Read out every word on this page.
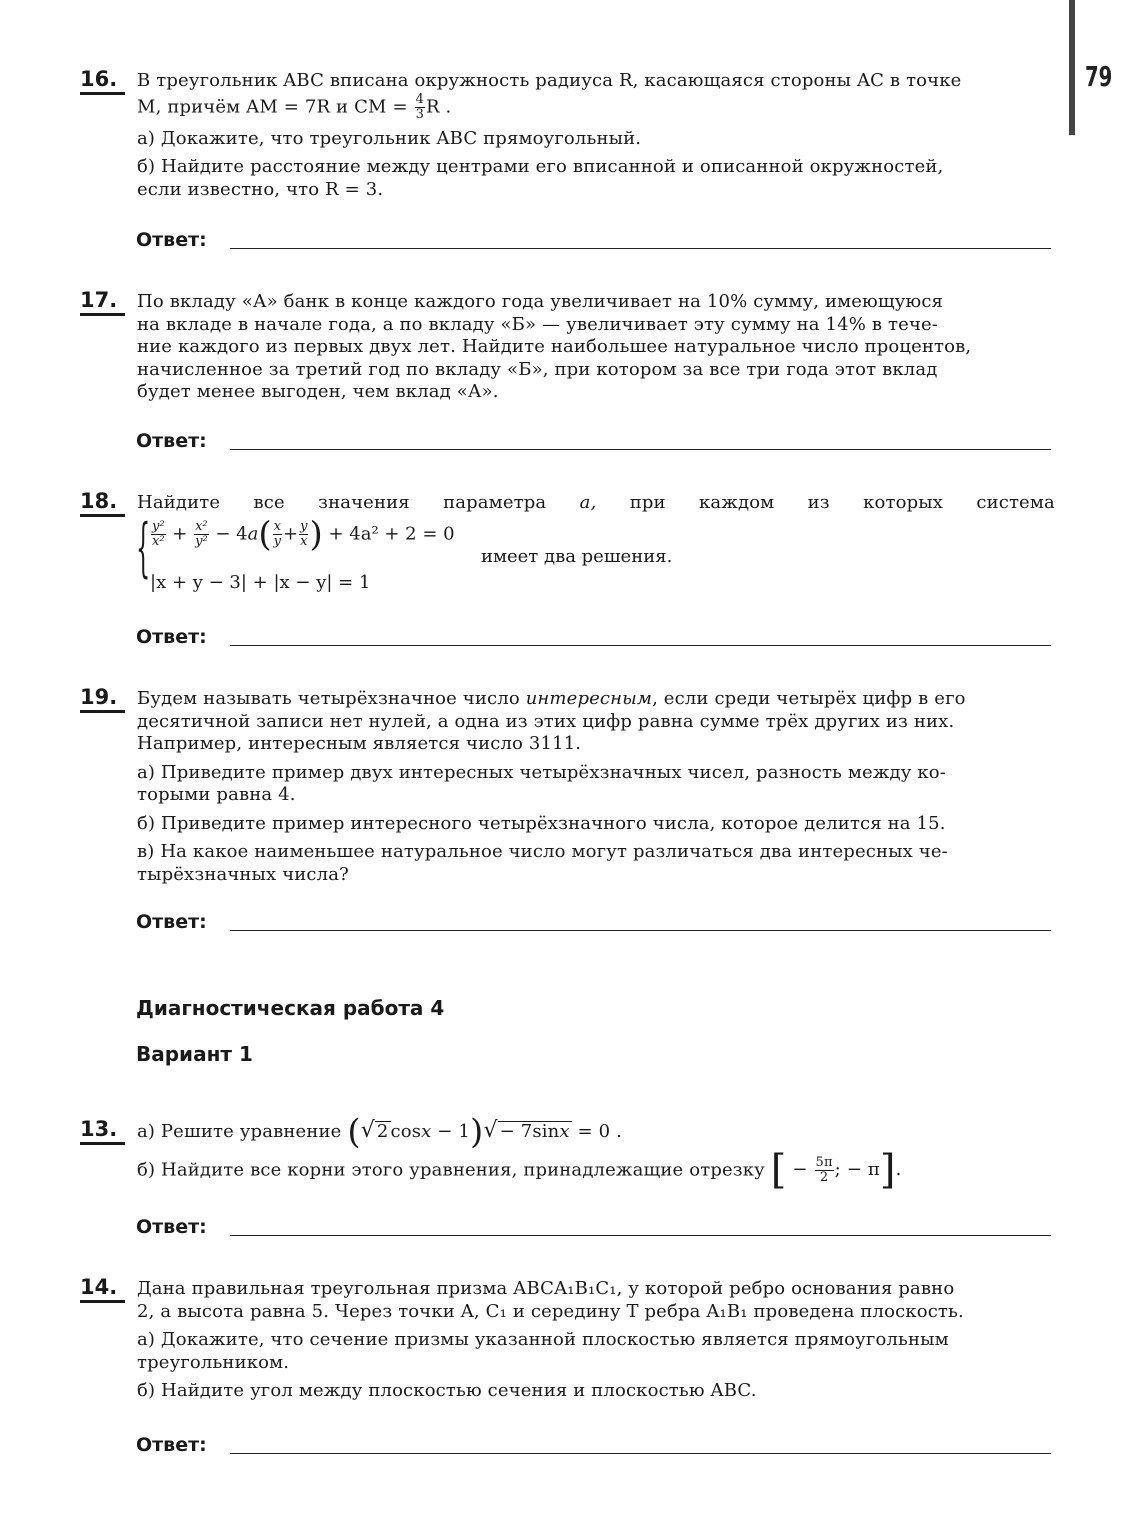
79
16.	В треугольник ABC вписана окружность радиуса R, касающаяся стороны AC в точке
M, причём AM = 7R и CM = $\frac{4}{3}$ R .
а) Докажите, что треугольник ABC прямоугольный.
б) Найдите расстояние между центрами его вписанной и описанной окружностей,
если известно, что R = 3.
Ответ:
17.	По вкладу «А» банк в конце каждого года увеличивает на 10% сумму, имеющуюся
на вкладе в начале года, а по вкладу «Б» — увеличивает эту сумму на 14% в тече-
ние каждого из первых двух лет. Найдите наибольшее натуральное число процентов,
начисленное за третий год по вкладу «Б», при котором за все три года этот вклад
будет менее выгоден, чем вклад «А».
Ответ:
18.	Найдите все значения параметра a, при каждом из которых система
{ $\frac{\text{y²}}{\text{x²}} + \frac{\text{x²}}{\text{y²}} - 4a( \frac{x}{y} + \frac{y}{x}$ ) + 4a² + 2 = 0
|x + y − 3| + |x − y| = 1
имеет два решения.
Ответ:
19.	Будем называть четырёхзначное число интересным, если среди четырёх цифр в его
десятичной записи нет нулей, а одна из этих цифр равна сумме трёх других из них.
Например, интересным является число 3111.
а) Приведите пример двух интересных четырёхзначных чисел, разность между ко-
торыми равна 4.
б) Приведите пример интересного четырёхзначного числа, которое делится на 15.
в) На какое наименьшее натуральное число могут различаться два интересных че-
тырёхзначных числа?
Ответ:
Диагностическая работа 4
Вариант 1
13.	а) Решите уравнение (√ 2 cosx − 1)√ − 7sinx = 0 .
б) Найдите все корни этого уравнения, принадлежащие отрезку [ − $\frac{5\pi}{2}$ ; − π].
Ответ:
14.	Дана правильная треугольная призма ABCA₁B₁C₁, у которой ребро основания равно
2, а высота равна 5. Через точки A, C₁ и середину T ребра A₁B₁ проведена плоскость.
а) Докажите, что сечение призмы указанной плоскостью является прямоугольным
треугольником.
б) Найдите угол между плоскостью сечения и плоскостью ABC.
Ответ:
